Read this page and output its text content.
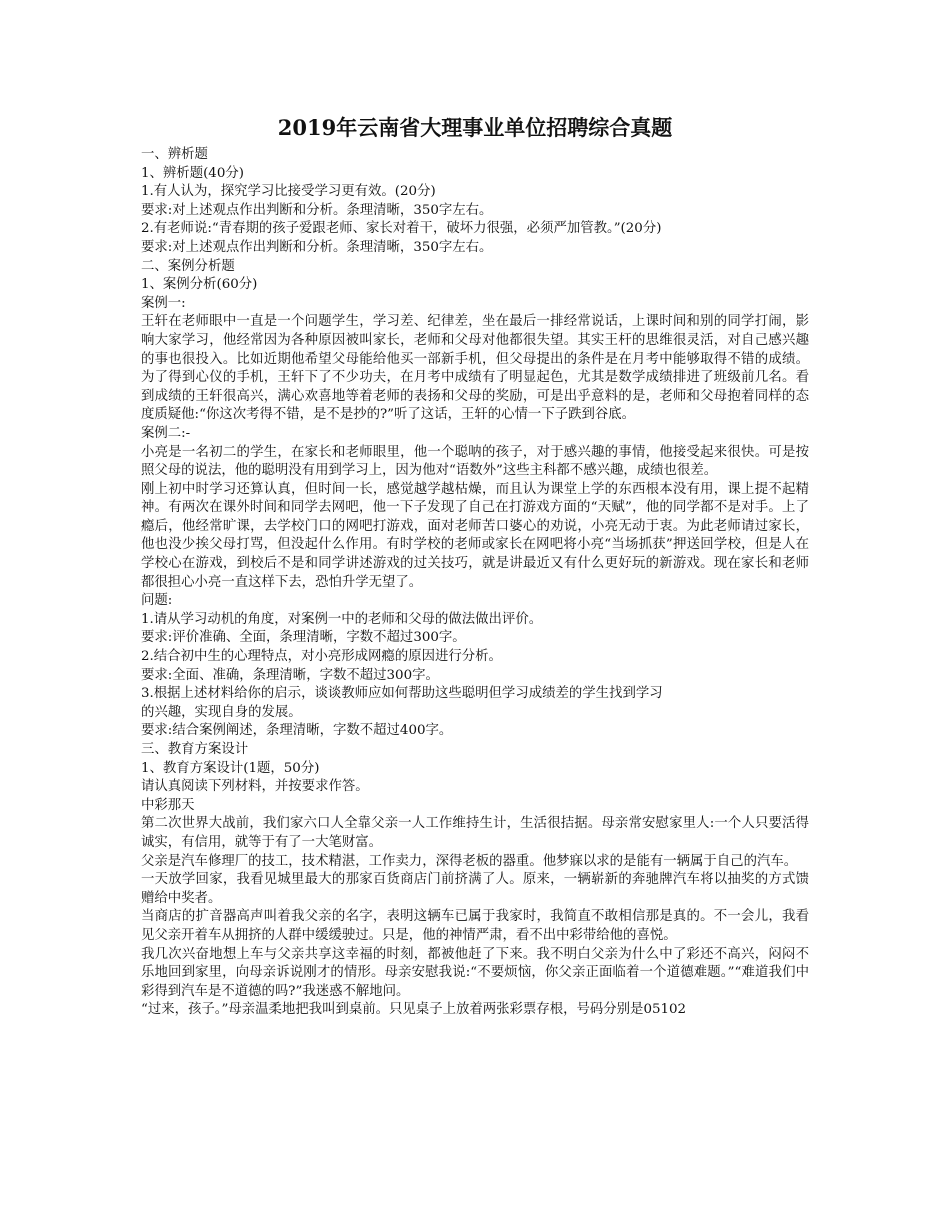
2019年云南省大理事业单位招聘综合真题
一、辨析题
1、辨析题(40分)
1.有人认为，探究学习比接受学习更有效。(20分)
要求:对上述观点作出判断和分析。条理清晰，350字左右。
2.有老师说:“青春期的孩子爱跟老师、家长对着干，破坏力很强，必须严加管教。”(20分)
要求:对上述观点作出判断和分析。条理清晰，350字左右。
二、案例分析题
1、案例分析(60分)
案例一:
王轩在老师眼中一直是一个问题学生，学习差、纪律差，坐在最后一排经常说话，上课时间和别的同学打闹，影响大家学习，他经常因为各种原因被叫家长，老师和父母对他都很失望。其实王杆的思维很灵活，对自己感兴趣的事也很投入。比如近期他希望父母能给他买一部新手机，但父母提出的条件是在月考中能够取得不错的成绩。为了得到心仪的手机，王轩下了不少功夫，在月考中成绩有了明显起色，尤其是数学成绩排进了班级前几名。看到成绩的王轩很高兴，满心欢喜地等着老师的表扬和父母的奖励，可是出乎意料的是，老师和父母抱着同样的态度质疑他:“你这次考得不错，是不是抄的?”听了这话，王轩的心情一下子跌到谷底。
案例二:-
小亮是一名初二的学生，在家长和老师眼里，他一个聪呐的孩子，对于感兴趣的事情，他接受起来很快。可是按照父母的说法，他的聪明没有用到学习上，因为他对“语数外”这些主科都不感兴趣，成绩也很差。
刚上初中时学习还算认真，但时间一长，感觉越学越枯燥，而且认为课堂上学的东西根本没有用，课上提不起精神。有两次在课外时间和同学去网吧，他一下子发现了自己在打游戏方面的“天赋”，他的同学都不是对手。上了瘾后，他经常旷课，去学校门口的网吧打游戏，面对老师苦口婆心的劝说，小亮无动于衷。为此老师请过家长，他也没少挨父母打骂，但没起什么作用。有时学校的老师或家长在网吧将小亮“当场抓获”押送回学校，但是人在学校心在游戏，到校后不是和同学讲述游戏的过关技巧，就是讲最近又有什么更好玩的新游戏。现在家长和老师都很担心小亮一直这样下去，恐怕升学无望了。
问题:
1.请从学习动机的角度，对案例一中的老师和父母的做法做出评价。
要求:评价准确、全面，条理清晰，字数不超过300字。
2.结合初中生的心理特点，对小亮形成网瘾的原因进行分析。
要求:全面、准确，条理清晰，字数不超过300字。
3.根据上述材料给你的启示，谈谈教师应如何帮助这些聪明但学习成绩差的学生找到学习
的兴趣，实现自身的发展。
要求:结合案例阐述，条理清晰，字数不超过400字。
三、教育方案设计
1、教育方案设计(1题，50分)
请认真阅读下列材料，并按要求作答。
中彩那天
第二次世界大战前，我们家六口人全靠父亲一人工作维持生计，生活很拮据。母亲常安慰家里人:一个人只要活得诚实，有信用，就等于有了一大笔财富。
父亲是汽车修理厂的技工，技术精湛，工作卖力，深得老板的器重。他梦寐以求的是能有一辆属于自己的汽车。
一天放学回家，我看见城里最大的那家百货商店门前挤满了人。原来，一辆崭新的奔驰牌汽车将以抽奖的方式馈赠给中奖者。
当商店的扩音器高声叫着我父亲的名字，表明这辆车已属于我家时，我简直不敢相信那是真的。不一会儿，我看见父亲开着车从拥挤的人群中缓缓驶过。只是，他的神情严肃，看不出中彩带给他的喜悦。
我几次兴奋地想上车与父亲共享这幸福的时刻，都被他赶了下来。我不明白父亲为什么中了彩还不高兴，闷闷不乐地回到家里，向母亲诉说刚才的情形。母亲安慰我说:“不要烦恼，你父亲正面临着一个道德难题。”“难道我们中彩得到汽车是不道德的吗?”我迷惑不解地问。
“过来，孩子。”母亲温柔地把我叫到桌前。只见桌子上放着两张彩票存根，号码分别是05102
